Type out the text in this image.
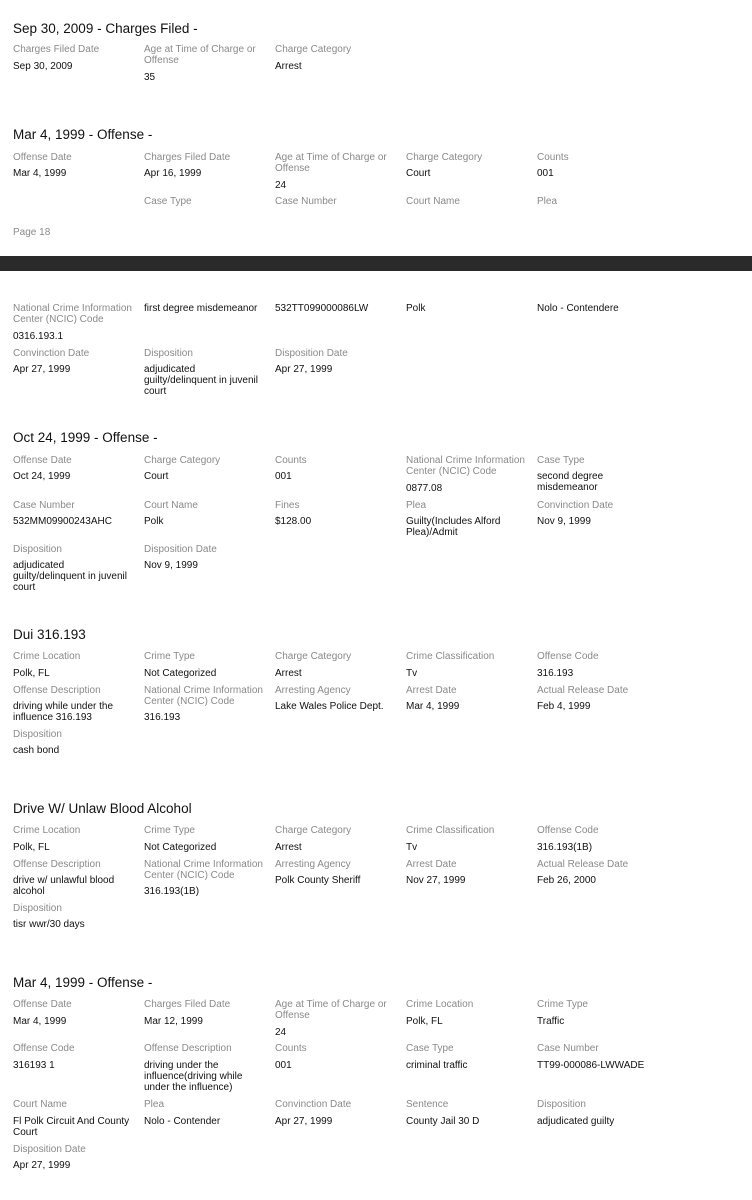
Sep 30, 2009 - Charges Filed -
Charges Filed Date
Sep 30, 2009
Age at Time of Charge or Offense
35
Charge Category
Arrest
Mar 4, 1999 - Offense -
Offense Date
Mar 4, 1999
Charges Filed Date
Apr 16, 1999
Age at Time of Charge or Offense
24
Charge Category
Court
Counts
001
Case Type	Case Number	Court Name	Plea
Page 18
National Crime Information Center (NCIC) Code
0316.193.1
first degree misdemeanor	532TT099000086LW	Polk	Nolo - Contendere
Convinction Date
Apr 27, 1999
Disposition
adjudicated guilty/delinquent in juvenil court
Disposition Date
Apr 27, 1999
Oct 24, 1999 - Offense -
Offense Date
Oct 24, 1999
Charge Category
Court
Counts
001
National Crime Information Center (NCIC) Code
0877.08
Case Type
second degree misdemeanor
Case Number
532MM09900243AHC
Court Name
Polk
Fines
$128.00
Plea
Guilty(Includes Alford Plea)/Admit
Convinction Date
Nov 9, 1999
Disposition
adjudicated guilty/delinquent in juvenil court
Disposition Date
Nov 9, 1999
Dui 316.193
Crime Location
Polk, FL
Crime Type
Not Categorized
Charge Category
Arrest
Crime Classification
Tv
Offense Code
316.193
Offense Description
driving while under the influence 316.193
National Crime Information Center (NCIC) Code
316.193
Arresting Agency
Lake Wales Police Dept.
Arrest Date
Mar 4, 1999
Actual Release Date
Feb 4, 1999
Disposition
cash bond
Drive W/ Unlaw Blood Alcohol
Crime Location
Polk, FL
Crime Type
Not Categorized
Charge Category
Arrest
Crime Classification
Tv
Offense Code
316.193(1B)
Offense Description
drive w/ unlawful blood alcohol
National Crime Information Center (NCIC) Code
316.193(1B)
Arresting Agency
Polk County Sheriff
Arrest Date
Nov 27, 1999
Actual Release Date
Feb 26, 2000
Disposition
tisr wwr/30 days
Mar 4, 1999 - Offense -
Offense Date
Mar 4, 1999
Charges Filed Date
Mar 12, 1999
Age at Time of Charge or Offense
24
Crime Location
Polk, FL
Crime Type
Traffic
Offense Code
316193 1
Offense Description
driving under the influence(driving while under the influence)
Counts
001
Case Type
criminal traffic
Case Number
TT99-000086-LWWADE
Court Name
Fl Polk Circuit And County Court
Plea
Nolo - Contender
Convinction Date
Apr 27, 1999
Sentence
County Jail 30 D
Disposition
adjudicated guilty
Disposition Date
Apr 27, 1999
